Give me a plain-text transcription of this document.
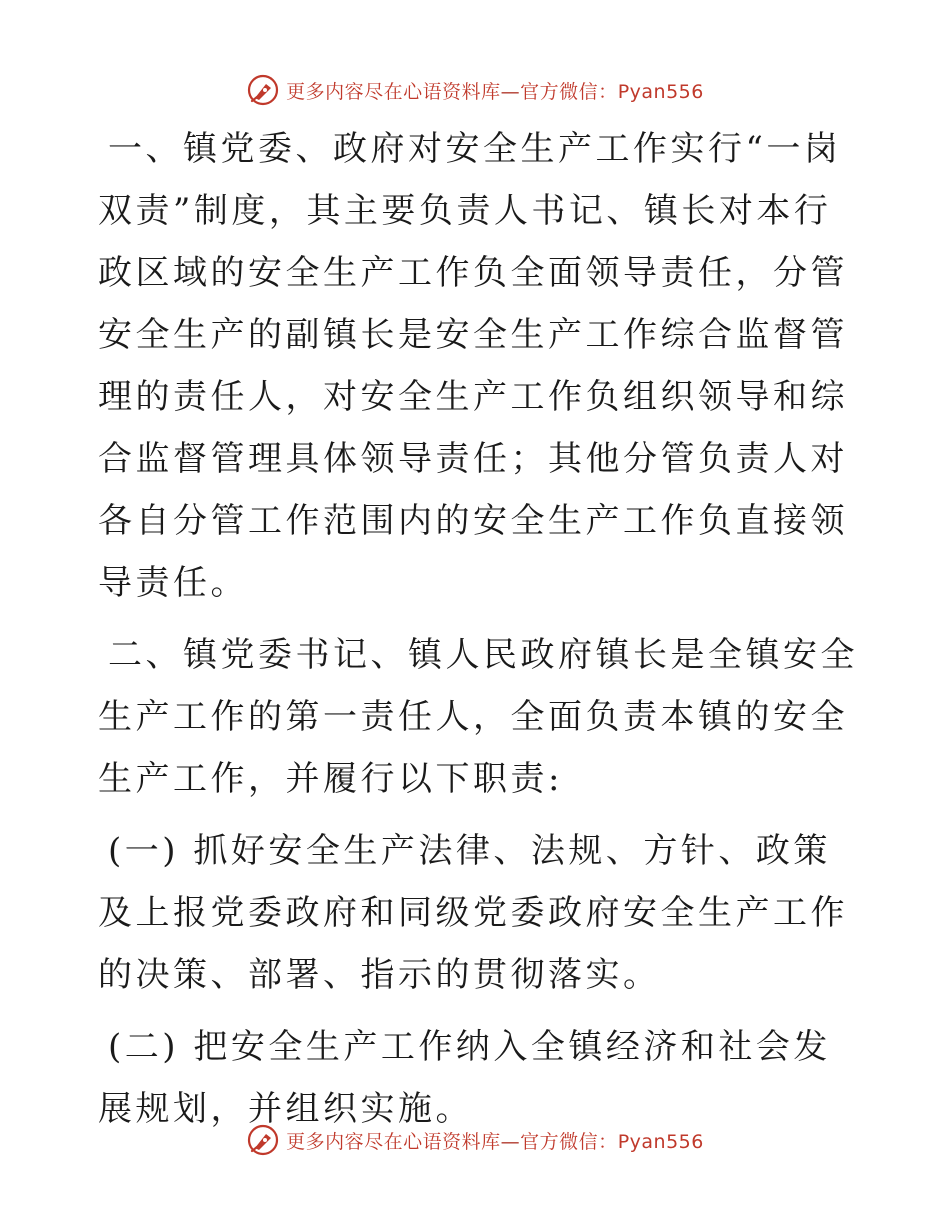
更多内容尽在心语资料库—官方微信：Pyan556

一、镇党委、政府对安全生产工作实行“一岗双责”制度，其主要负责人书记、镇长对本行政区域的安全生产工作负全面领导责任，分管安全生产的副镇长是安全生产工作综合监督管理的责任人，对安全生产工作负组织领导和综合监督管理具体领导责任；其他分管负责人对各自分管工作范围内的安全生产工作负直接领导责任。

二、镇党委书记、镇人民政府镇长是全镇安全生产工作的第一责任人，全面负责本镇的安全生产工作，并履行以下职责:

(一) 抓好安全生产法律、法规、方针、政策及上报党委政府和同级党委政府安全生产工作的决策、部署、指示的贯彻落实。

(二) 把安全生产工作纳入全镇经济和社会发展规划，并组织实施。

更多内容尽在心语资料库—官方微信：Pyan556
